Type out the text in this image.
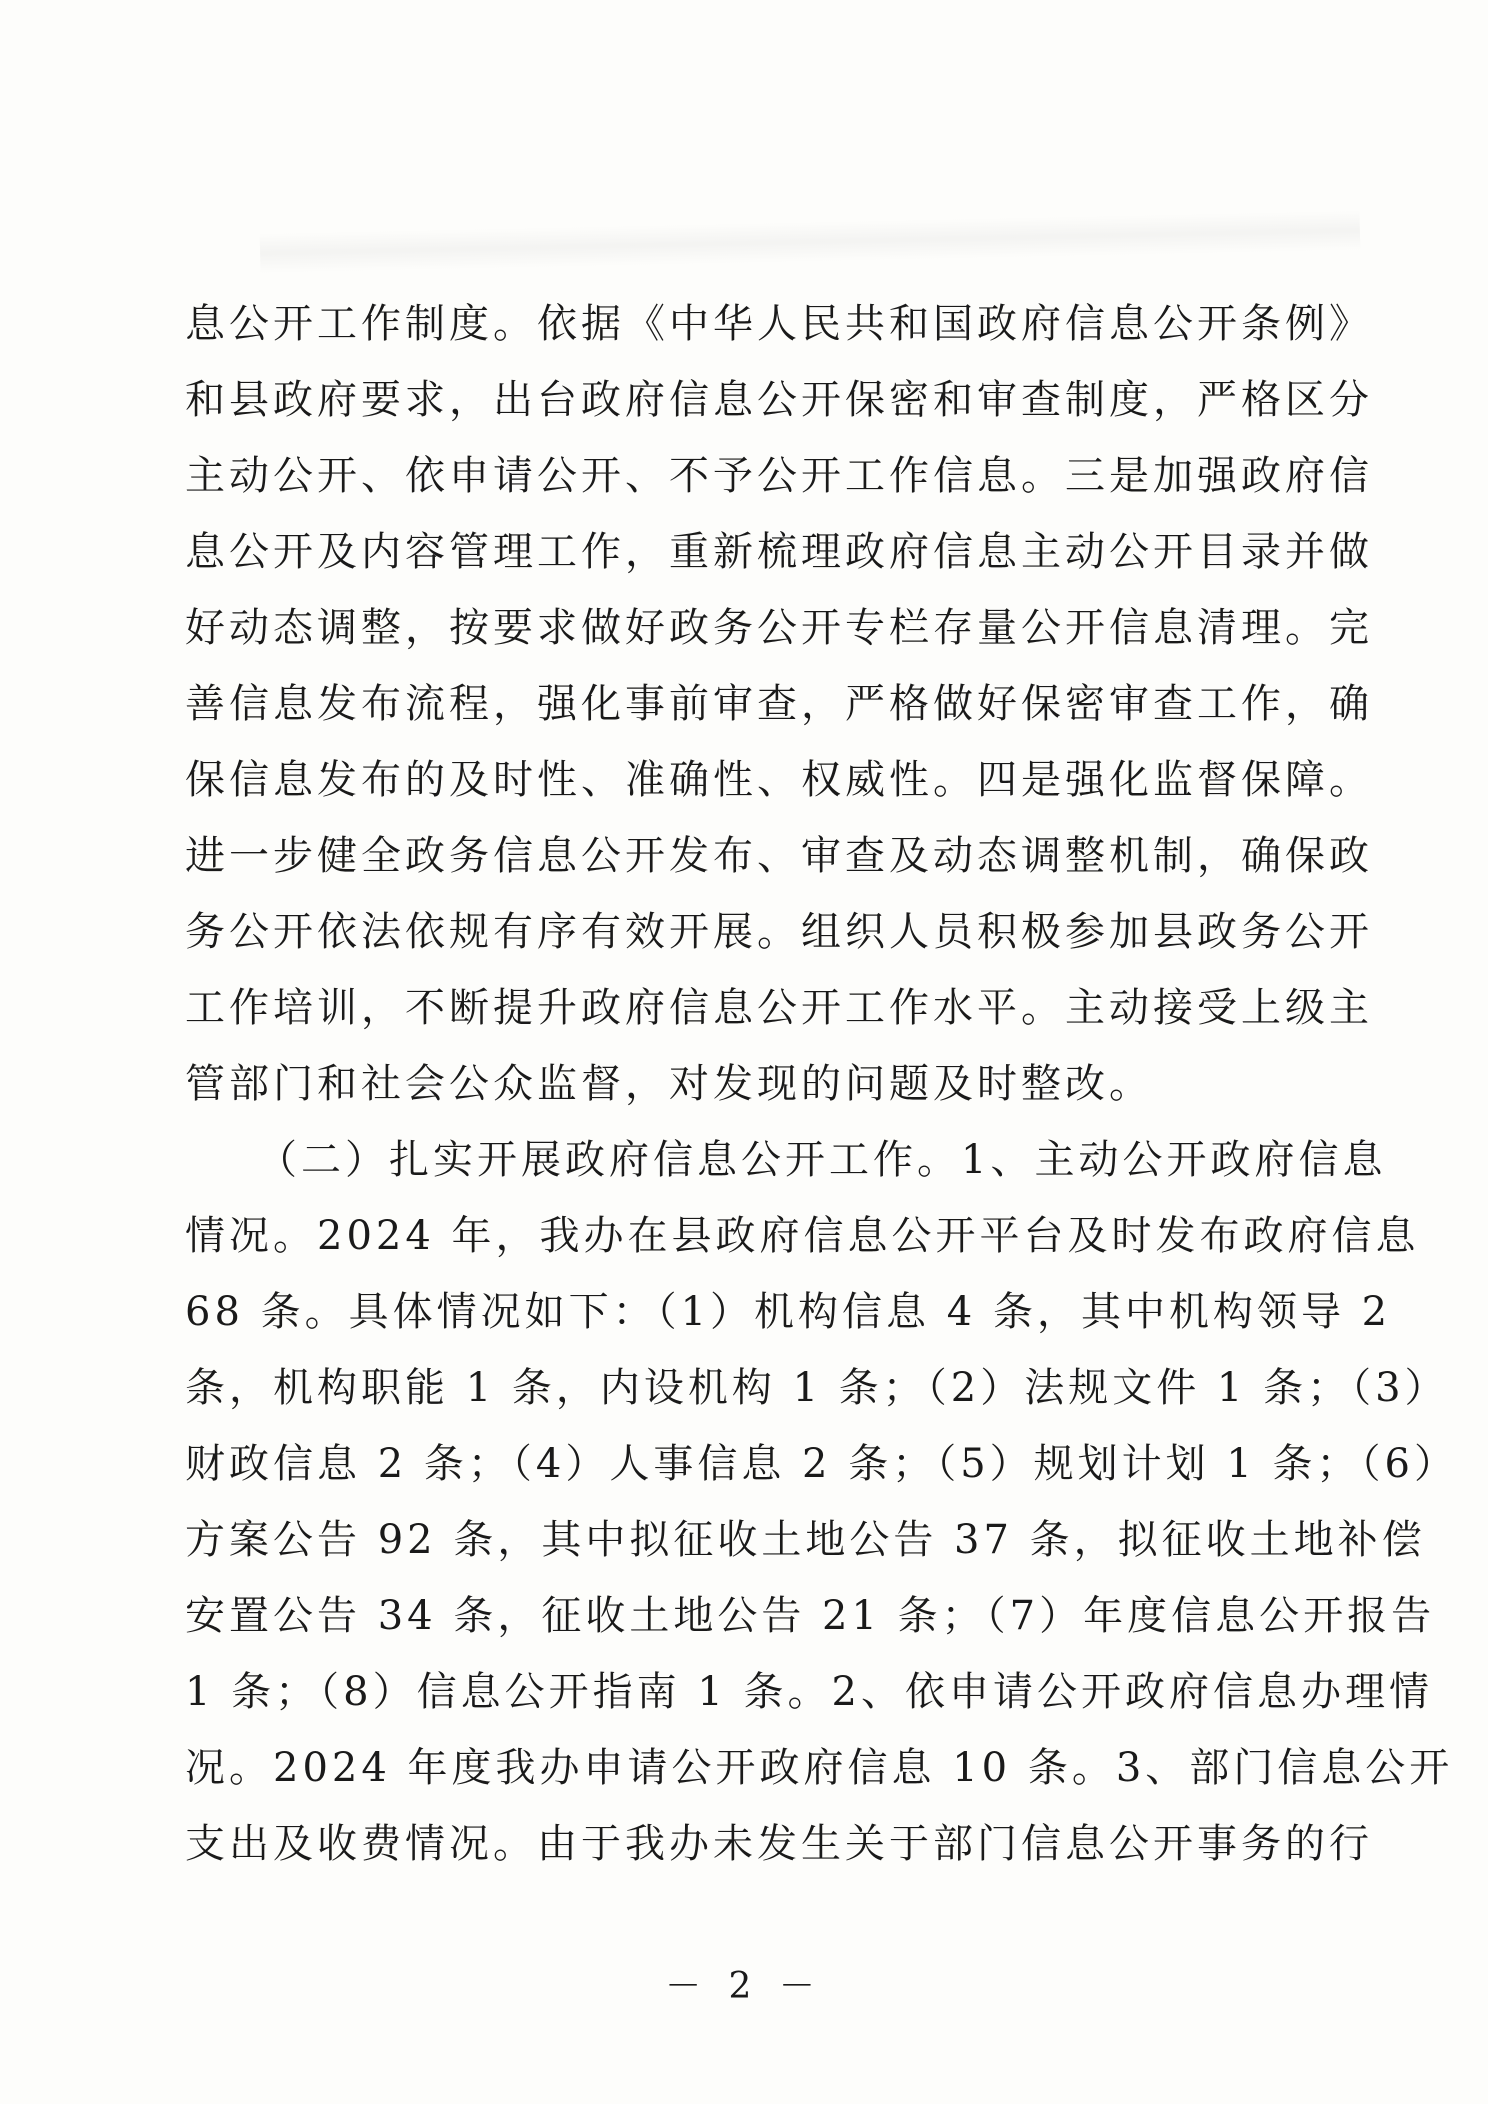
息公开工作制度。依据《中华人民共和国政府信息公开条例》
和县政府要求，出台政府信息公开保密和审查制度，严格区分
主动公开、依申请公开、不予公开工作信息。三是加强政府信
息公开及内容管理工作，重新梳理政府信息主动公开目录并做
好动态调整，按要求做好政务公开专栏存量公开信息清理。完
善信息发布流程，强化事前审查，严格做好保密审查工作，确
保信息发布的及时性、准确性、权威性。四是强化监督保障。
进一步健全政务信息公开发布、审查及动态调整机制，确保政
务公开依法依规有序有效开展。组织人员积极参加县政务公开
工作培训，不断提升政府信息公开工作水平。主动接受上级主
管部门和社会公众监督，对发现的问题及时整改。
（二）扎实开展政府信息公开工作。1、主动公开政府信息
情况。2024 年，我办在县政府信息公开平台及时发布政府信息
68 条。具体情况如下：（1）机构信息 4 条，其中机构领导 2
条，机构职能 1 条，内设机构 1 条；（2）法规文件 1 条；（3）
财政信息 2 条；（4）人事信息 2 条；（5）规划计划 1 条；（6）
方案公告 92 条，其中拟征收土地公告 37 条，拟征收土地补偿
安置公告 34 条，征收土地公告 21 条；（7）年度信息公开报告
1 条；（8）信息公开指南 1 条。2、依申请公开政府信息办理情
况。2024 年度我办申请公开政府信息 10 条。3、部门信息公开
支出及收费情况。由于我办未发生关于部门信息公开事务的行
－ 2 －
